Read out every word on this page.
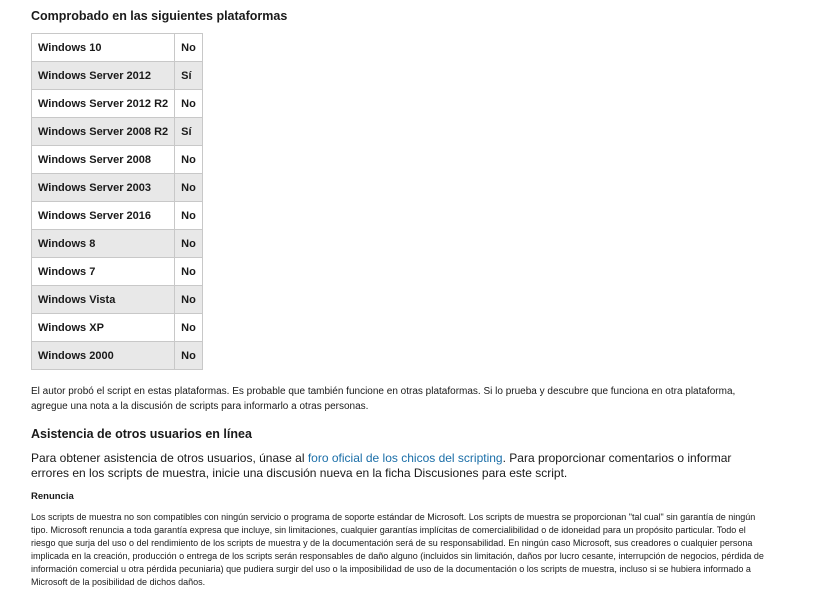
Comprobado en las siguientes plataformas
Windows 10	No
Windows Server 2012	Sí
Windows Server 2012 R2	No
Windows Server 2008 R2	Sí
Windows Server 2008	No
Windows Server 2003	No
Windows Server 2016	No
Windows 8	No
Windows 7	No
Windows Vista	No
Windows XP	No
Windows 2000	No

El autor probó el script en estas plataformas. Es probable que también funcione en otras plataformas. Si lo prueba y descubre que funciona en otra plataforma, agregue una nota a la discusión de scripts para informarlo a otras personas.

Asistencia de otros usuarios en línea

Para obtener asistencia de otros usuarios, únase al foro oficial de los chicos del scripting. Para proporcionar comentarios o informar errores en los scripts de muestra, inicie una discusión nueva en la ficha Discusiones para este script.

Renuncia

Los scripts de muestra no son compatibles con ningún servicio o programa de soporte estándar de Microsoft. Los scripts de muestra se proporcionan "tal cual" sin garantía de ningún tipo. Microsoft renuncia a toda garantía expresa que incluye, sin limitaciones, cualquier garantías implícitas de comercialibilidad o de idoneidad para un propósito particular. Todo el riesgo que surja del uso o del rendimiento de los scripts de muestra y de la documentación será de su responsabilidad. En ningún caso Microsoft, sus creadores o cualquier persona implicada en la creación, producción o entrega de los scripts serán responsables de daño alguno (incluidos sin limitación, daños por lucro cesante, interrupción de negocios, pérdida de información comercial u otra pérdida pecuniaria) que pudiera surgir del uso o la imposibilidad de uso de la documentación o los scripts de muestra, incluso si se hubiera informado a Microsoft de la posibilidad de dichos daños.
